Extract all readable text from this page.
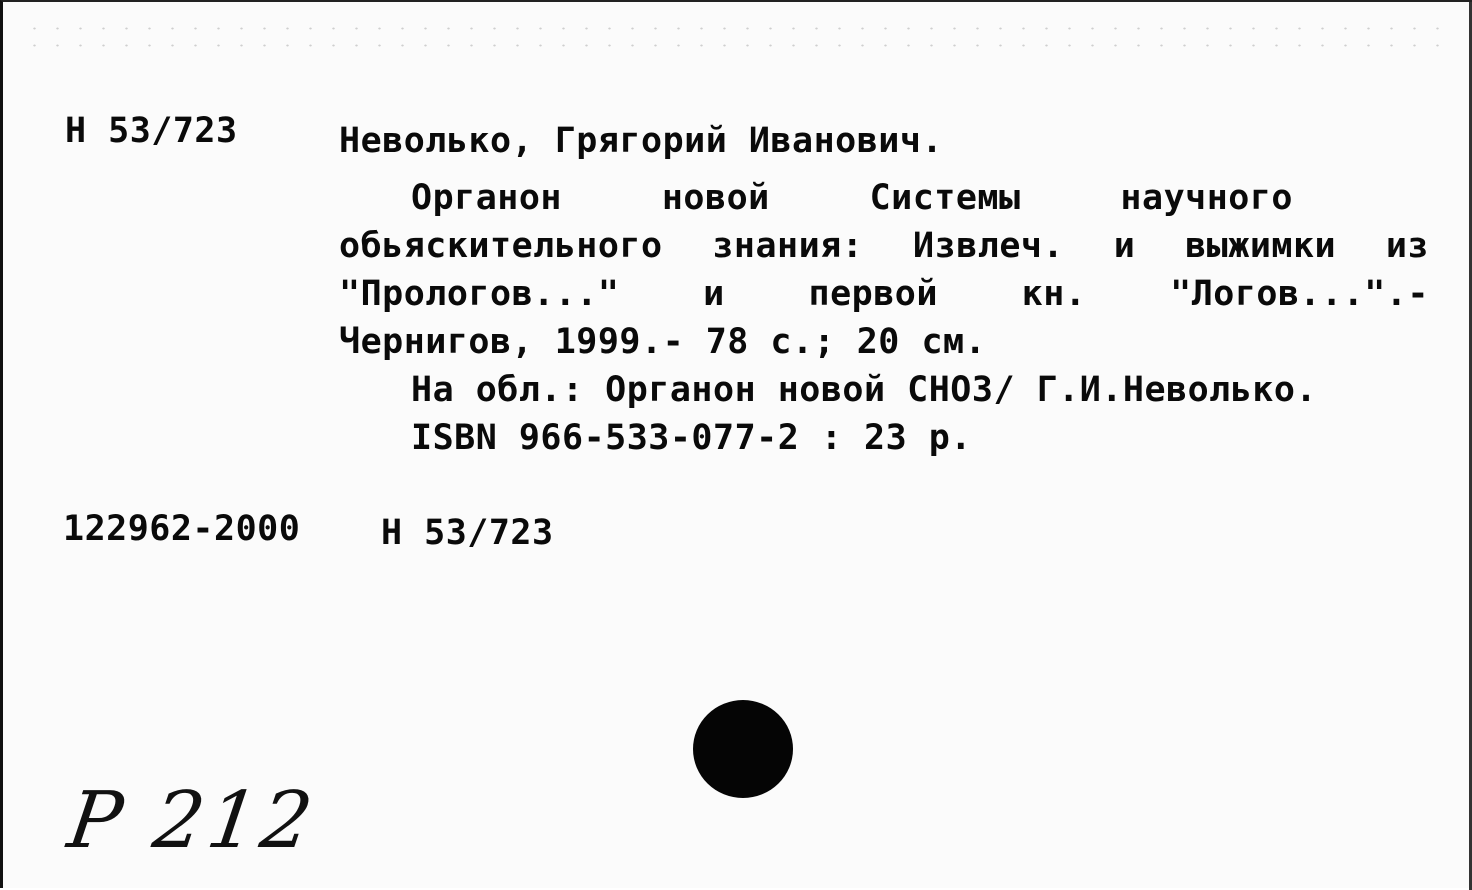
Н 53/723	Неволько, Грягорий Иванович.
Органон новой Системы научного
обьяскительного знания: Извлеч. и выжимки из
"Прологов..." и первой кн. "Логов...".-
Чернигов, 1999.- 78 с.; 20 см.
На обл.: Органон новой СНОЗ/ Г.И.Неволько.
ISBN 966-533-077-2 : 23 р.
122962-2000 Н 53/723
Р 212
